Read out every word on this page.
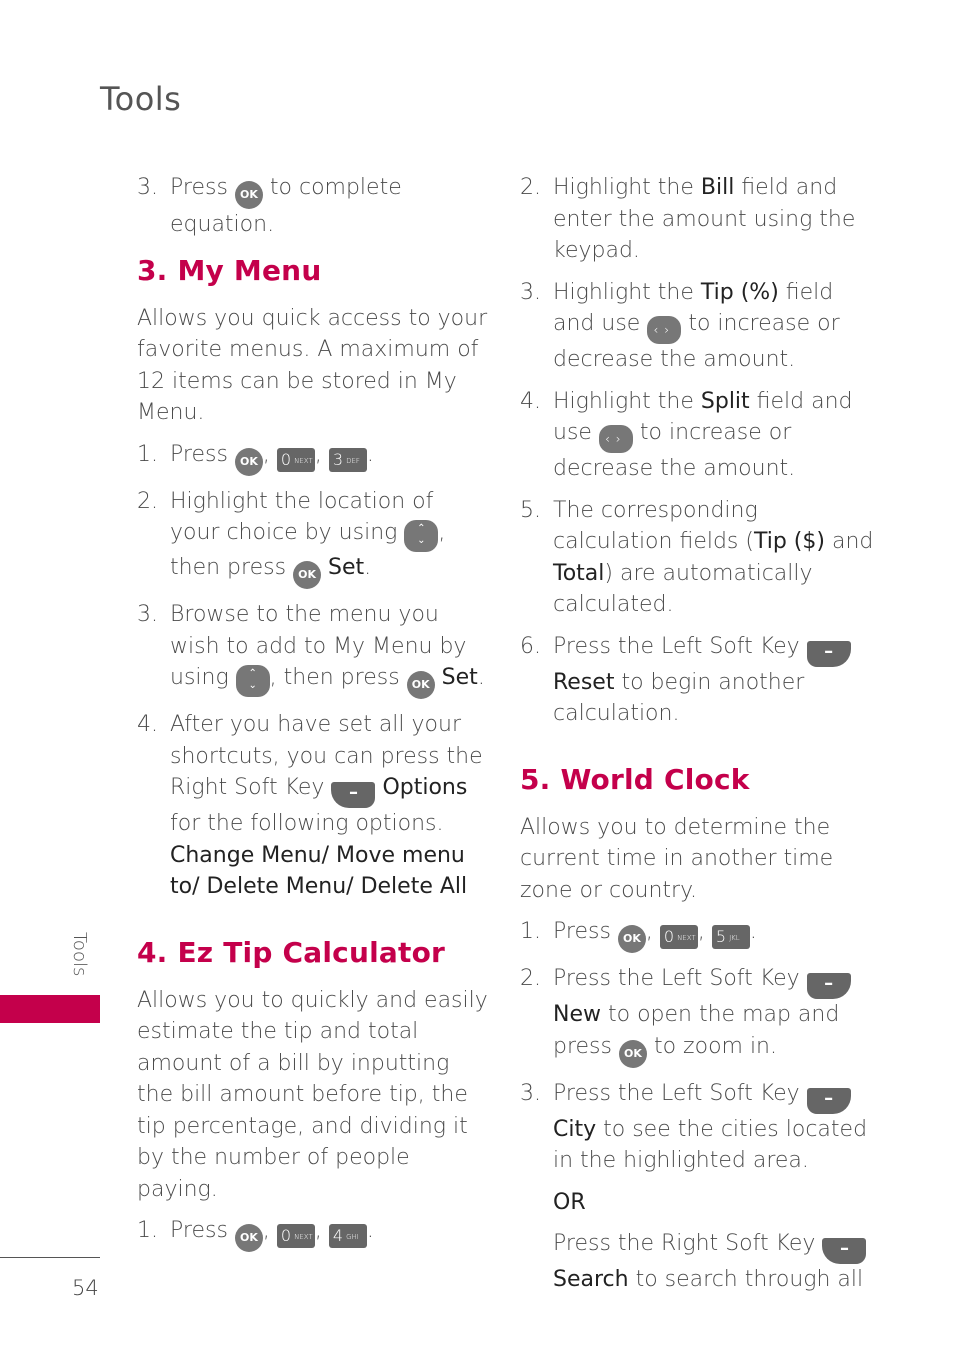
Tools
3. Press OK to complete equation.
3. My Menu

Allows you quick access to your favorite menus. A maximum of 12 items can be stored in My Menu.

1. Press OK , 0 $^{NEXT}$ , 3 $^{DEF}$ .
2. Highlight the location of your choice by using ⌃
⌄ , then press OK Set.
3. Browse to the menu you wish to add to My Menu by using ⌃
⌄ , then press OK Set.
4. After you have set all your shortcuts, you can press the Right Soft Key – Options for the following options.
Change Menu/ Move menu to/ Delete Menu/ Delete All
4. Ez Tip Calculator

Allows you to quickly and easily estimate the tip and total amount of a bill by inputting the bill amount before tip, the tip percentage, and dividing it by the number of people paying.

1. Press OK , 0 $^{NEXT}$ , 4 $^{GHI}$ .
2. Highlight the Bill field and enter the amount using the keypad.
3. Highlight the Tip (%) field and use ‹› to increase or decrease the amount.
4. Highlight the Split field and use ‹› to increase or decrease the amount.
5. The corresponding calculation fields (Tip ($) and Total) are automatically calculated.
6. Press the Left Soft Key – Reset to begin another calculation.
5. World Clock

Allows you to determine the current time in another time zone or country.

1. Press OK , 0 $^{NEXT}$ , 5 $^{JKL}$ .
2. Press the Left Soft Key – New to open the map and press OK to zoom in.
3. Press the Left Soft Key – City to see the cities located in the highlighted area.
OR
Press the Right Soft Key – Search to search through all
Tools
54
